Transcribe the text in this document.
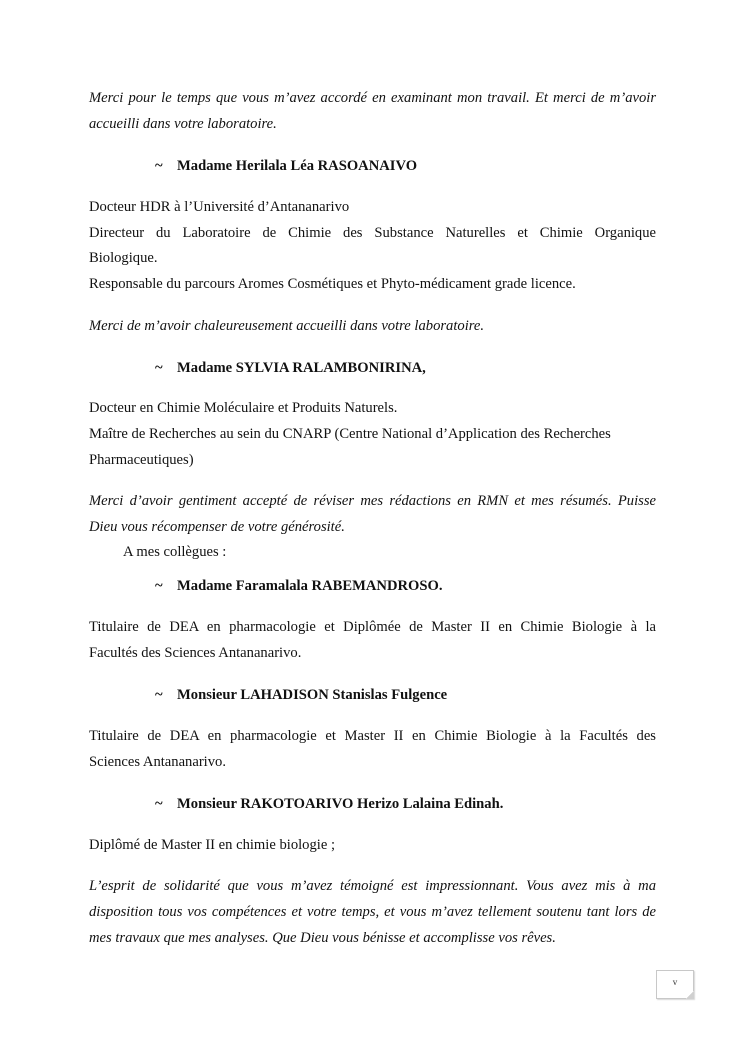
Merci pour le temps que vous m’avez accordé en examinant mon travail. Et merci de m’avoir
accueilli dans votre laboratoire.
~ Madame Herilala Léa RASOANAIVO
Docteur HDR à l’Université d’Antananarivo
Directeur du Laboratoire de Chimie des Substance Naturelles et Chimie Organique
Biologique.
Responsable du parcours Aromes Cosmétiques et Phyto-médicament grade licence.
Merci de m’avoir chaleureusement accueilli dans votre laboratoire.
~ Madame SYLVIA RALAMBONIRINA,
Docteur en Chimie Moléculaire et Produits Naturels.
Maître de Recherches au sein du CNARP (Centre National d’Application des Recherches
Pharmaceutiques)
Merci d’avoir gentiment accepté de réviser mes rédactions en RMN et mes résumés. Puisse
Dieu vous récompenser de votre générosité.
A mes collègues :
~ Madame Faramalala RABEMANDROSO.
Titulaire de DEA en pharmacologie et Diplômée de Master II en Chimie Biologie à la
Facultés des Sciences Antananarivo.
~ Monsieur LAHADISON Stanislas Fulgence
Titulaire de DEA en pharmacologie et Master II en Chimie Biologie à la Facultés des
Sciences Antananarivo.
~ Monsieur RAKOTOARIVO Herizo Lalaina Edinah.
Diplômé de Master II en chimie biologie ;
L’esprit de solidarité que vous m’avez témoigné est impressionnant. Vous avez mis à ma
disposition tous vos compétences et votre temps, et vous m’avez tellement soutenu tant lors de
mes travaux que mes analyses. Que Dieu vous bénisse et accomplisse vos rêves.
v
